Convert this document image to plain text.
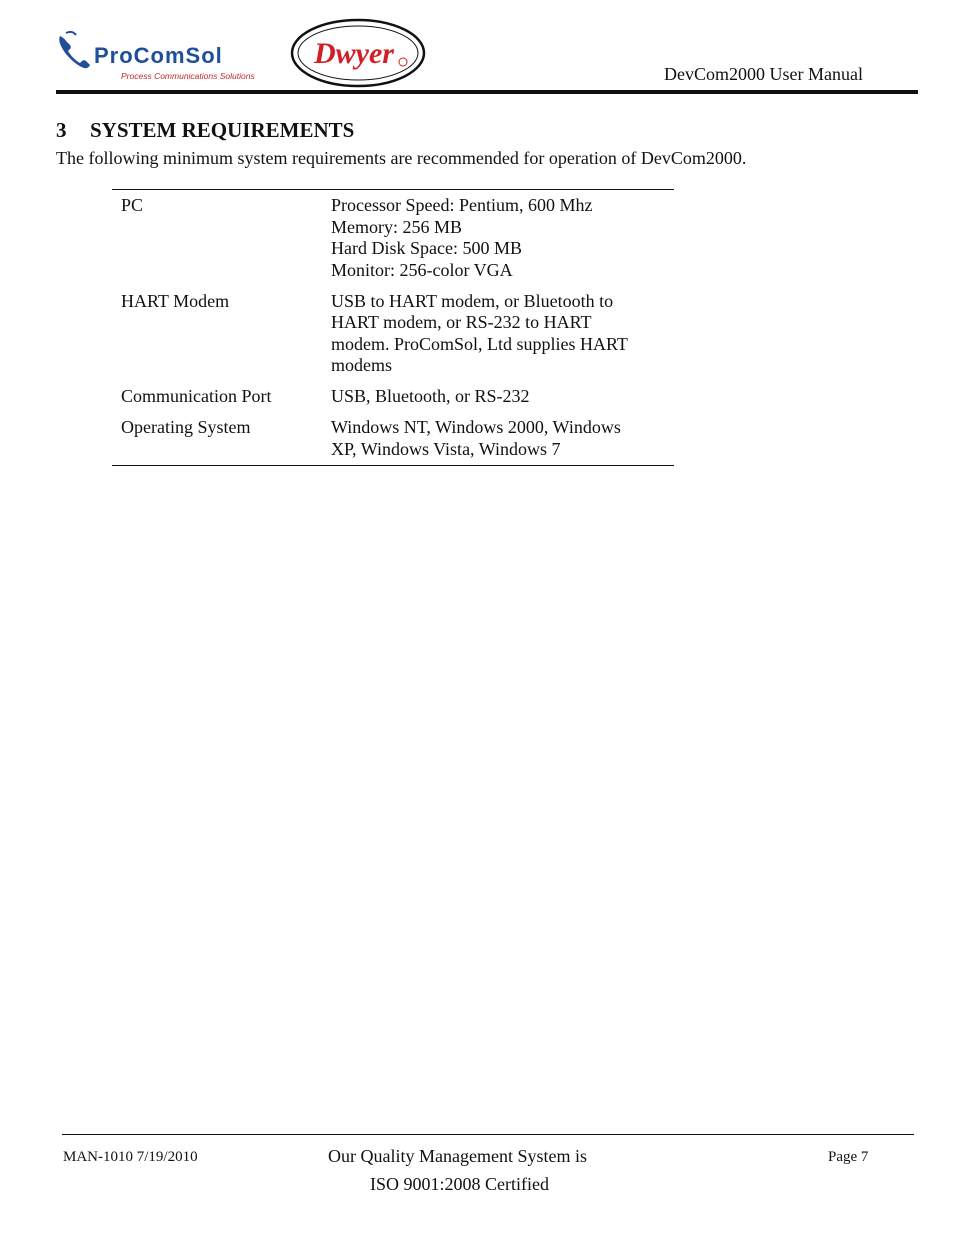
ProComSol
Process Communications Solutions
Dwyer
DevCom2000 User Manual
3 SYSTEM REQUIREMENTS
The following minimum system requirements are recommended for operation of DevCom2000.
PC	Processor Speed: Pentium, 600 Mhz
Memory: 256 MB
Hard Disk Space: 500 MB
Monitor: 256-color VGA
HART Modem	USB to HART modem, or Bluetooth to
HART modem, or RS-232 to HART
modem. ProComSol, Ltd supplies HART
modems
Communication Port	USB, Bluetooth, or RS-232
Operating System	Windows NT, Windows 2000, Windows
XP, Windows Vista, Windows 7
MAN-1010 7/19/2010	Our Quality Management System is
ISO 9001:2008 Certified
Page 7
